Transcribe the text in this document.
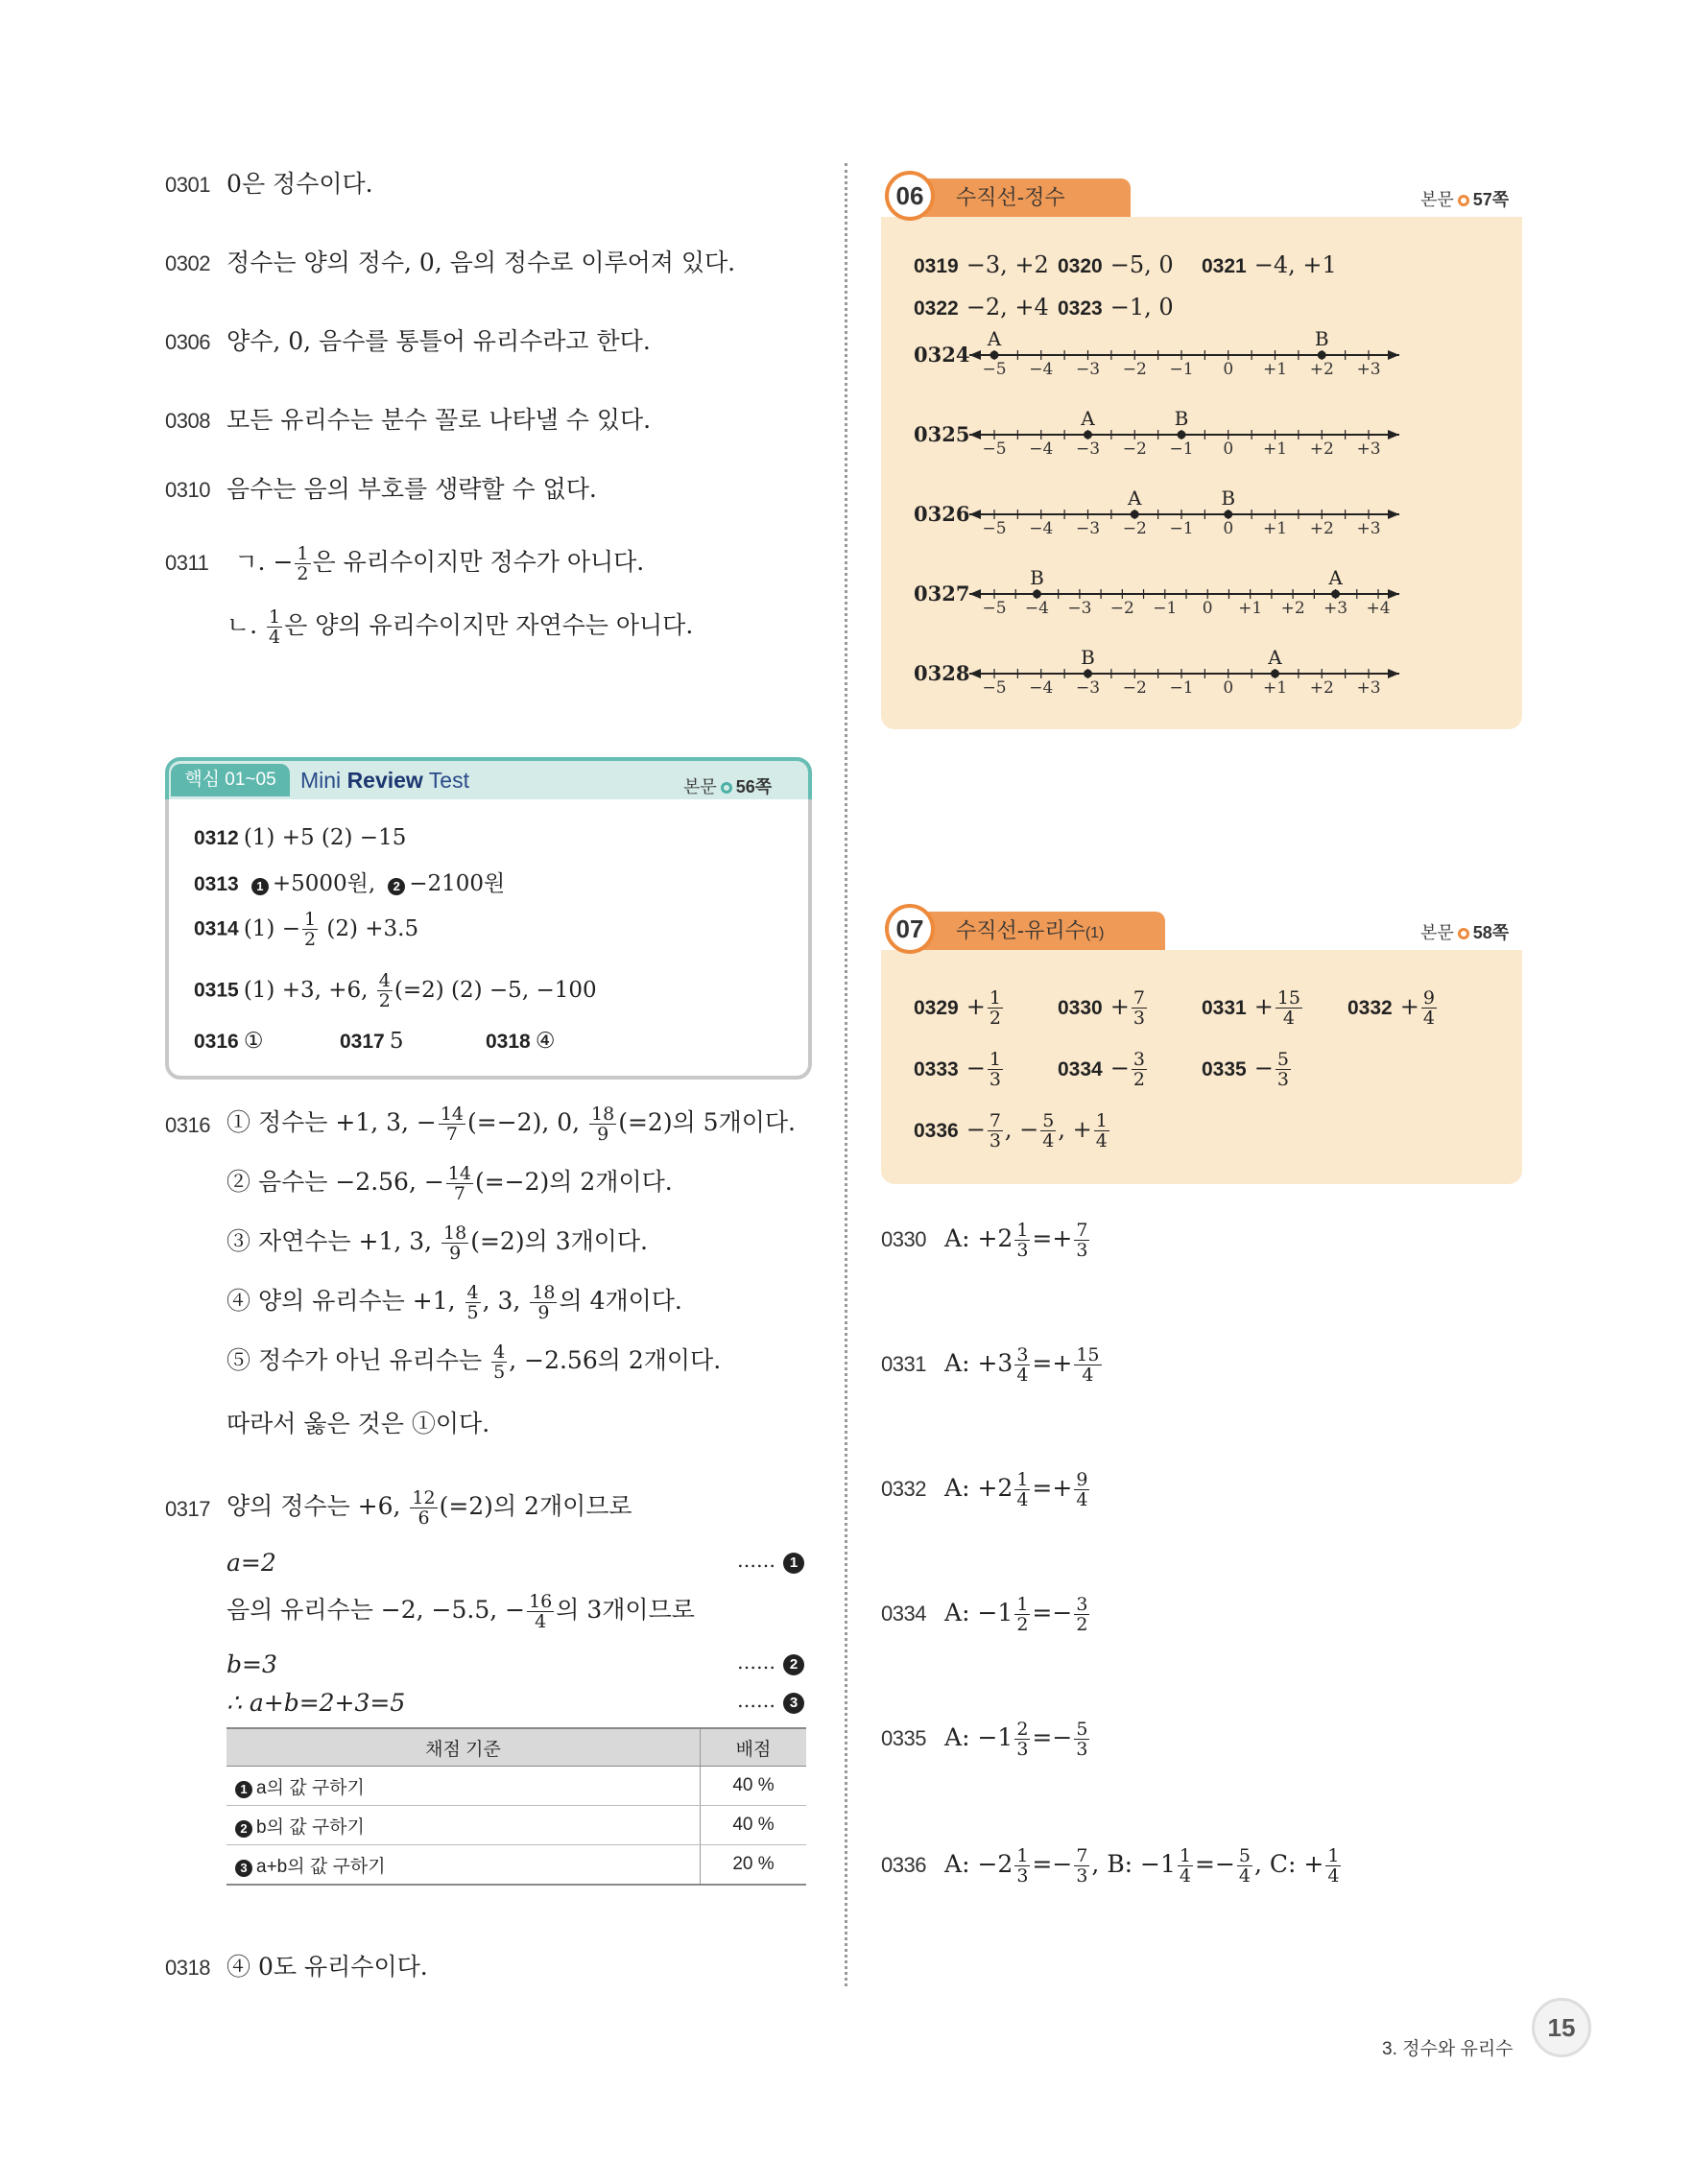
0301 0은 정수이다.
0302 정수는 양의 정수, 0, 음의 정수로 이루어져 있다.
0306 양수, 0, 음수를 통틀어 유리수라고 한다.
0308 모든 유리수는 분수 꼴로 나타낼 수 있다.
0310 음수는 음의 부호를 생략할 수 없다.
0311 ㄱ. − $\frac{1}{2}$ 은 유리수이지만 정수가 아니다.
ㄴ. $\frac{1}{4}$ 은 양의 유리수이지만 자연수는 아니다.
핵심 01~05	Mini Review Test	본문 56쪽
0312 (1) +5 (2) −15
0313 1 +5000원, 2 −2100원
0314 $(1) - \frac{1}{2} (2) +3.5$
0315 (1) +3, +6, $\frac{4}{2} (=2)$ (2) −5, −100
0316 ①	0317 5	0318 ④
0316 ① 정수는 +1, 3, − $\frac{14}{7} (=-2)$, 0, $\frac{18}{9} (=2)$의 5개이다.
② 음수는 −2.56, − $\frac{14}{7} (=-2)$의 2개이다.
③ 자연수는 +1, 3, $\frac{18}{9} (=2)$의 3개이다.
④ 양의 유리수는 +1, $\frac{4}{5}$ , 3, $\frac{18}{9}$ 의 4개이다.
⑤ 정수가 아닌 유리수는 $\frac{4}{5}$ , −2.56의 2개이다.
따라서 옳은 것은 ①이다.
0317 양의 정수는 +6, $\frac{12}{6} (=2)$의 2개이므로
a=2	…… 1
음의 유리수는 −2, −5.5, − $\frac{16}{4}$ 의 3개이므로
b=3	…… 2
∴ a+b=2+3=5	…… 3
채점 기준	배점
1 a의 값 구하기	40 %
2 b의 값 구하기	40 %
3 a+b의 값 구하기	20 %
0318 ④ 0도 유리수이다.
수직선-정수
06	본문 57쪽
0319 −3, +2 0320 −5, 0 0321 −4, +1
0322 −2, +4 0323 −1, 0
0324
−5 −4 −3 −2 −1 0 +1 +2 +3
A	B
0325
−5 −4 −3 −2 −1 0 +1 +2 +3
A	B
0326
−5 −4 −3 −2 −1 0 +1 +2 +3
A	B
0327
−5 −4 −3 −2 −1 0 +1 +2 +3 +4
B	A
0328
−5 −4 −3 −2 −1 0 +1 +2 +3
B	A
수직선-유리수(1)
07	본문 58쪽
$0329 + \frac{1}{2}$	$0330 + \frac{7}{3}$	$0331 + \frac{15}{4} 0332 + \frac{9}{4}$
$0333 - \frac{1}{3}$	$0334 - \frac{3}{2}$	$0335 - \frac{5}{3}$
$0336 - \frac{7}{3}$ , − $\frac{5}{4}$ , + $\frac{1}{4}$
0330 A: $+2 \frac{1}{3} =+ \frac{7}{3}$
0331 A: $+3 \frac{3}{4} =+ \frac{15}{4}$
0332 A: $+2 \frac{1}{4} =+ \frac{9}{4}$
0334 A: $-1 \frac{1}{2} =- \frac{3}{2}$
0335 A: $-1 \frac{2}{3} =- \frac{5}{3}$
0336 A: $-2 \frac{1}{3} =- \frac{7}{3}$ , B: $-1 \frac{1}{4} =- \frac{5}{4}$ , C: + $\frac{1}{4}$
3. 정수와 유리수
15
